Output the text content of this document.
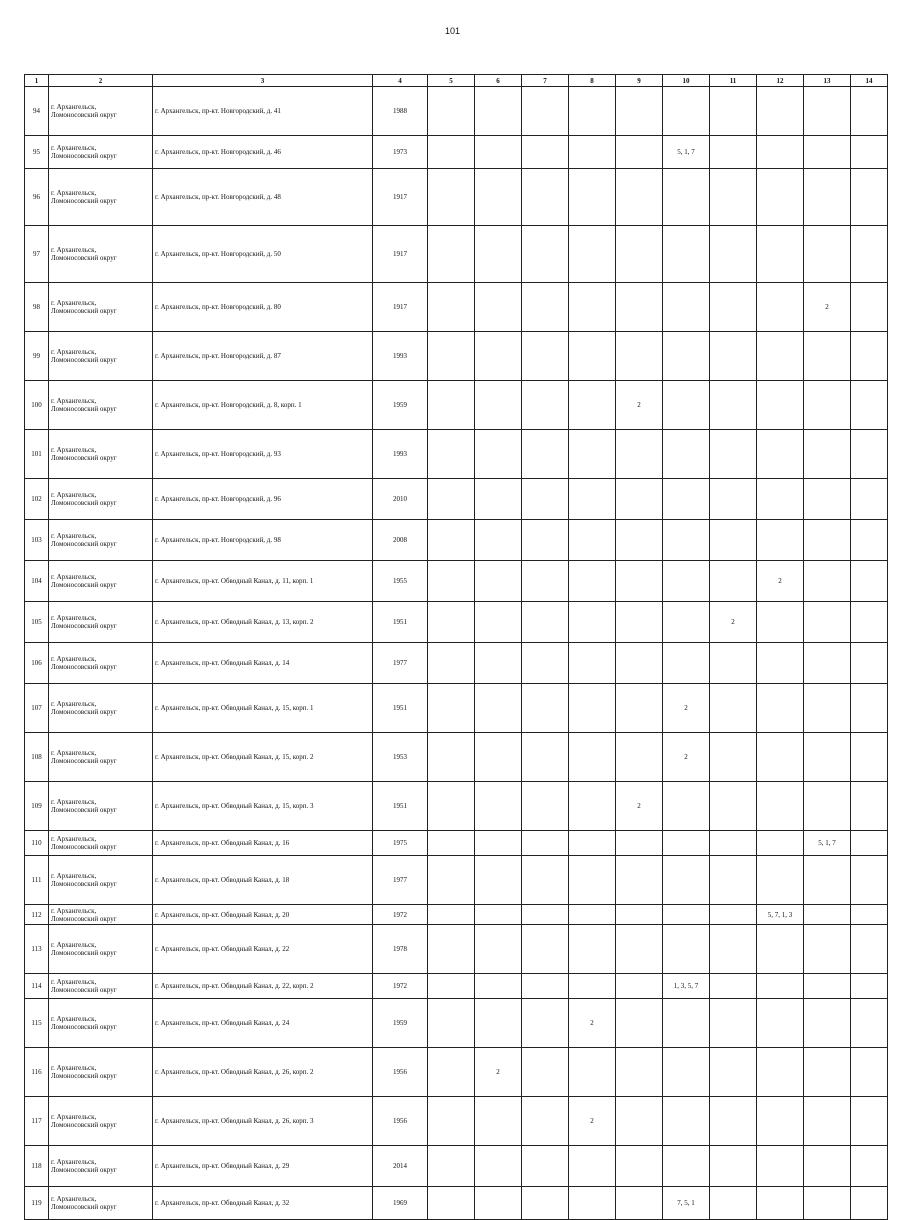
101
1	2	3	4	5	6	7	8	9	10	11	12	13	14	
94	г. Архангельск,
Ломоносовский округ	г. Архангельск, пр-кт. Новгородский, д. 41	1988											

95	г. Архангельск,
Ломоносовский округ	г. Архангельск, пр-кт. Новгородский, д. 46	1973						5, 1, 7					

96	г. Архангельск,
Ломоносовский округ	г. Архангельск, пр-кт. Новгородский, д. 48	1917											

97	г. Архангельск,
Ломоносовский округ	г. Архангельск, пр-кт. Новгородский, д. 50	1917											

98	г. Архангельск,
Ломоносовский округ	г. Архангельск, пр-кт. Новгородский, д. 80	1917									2		

99	г. Архангельск,
Ломоносовский округ	г. Архангельск, пр-кт. Новгородский, д. 87	1993											

100	г. Архангельск,
Ломоносовский округ	г. Архангельск, пр-кт. Новгородский, д. 8, корп. 1	1959					2						

101	г. Архангельск,
Ломоносовский округ	г. Архангельск, пр-кт. Новгородский, д. 93	1993											

102	г. Архангельск,
Ломоносовский округ	г. Архангельск, пр-кт. Новгородский, д. 96	2010											

103	г. Архангельск,
Ломоносовский округ	г. Архангельск, пр-кт. Новгородский, д. 98	2008											

104	г. Архангельск,
Ломоносовский округ	г. Архангельск, пр-кт. Обводный Канал, д. 11, корп. 1	1955								2			

105	г. Архангельск,
Ломоносовский округ	г. Архангельск, пр-кт. Обводный Канал, д. 13, корп. 2	1951							2				

106	г. Архангельск,
Ломоносовский округ	г. Архангельск, пр-кт. Обводный Канал, д. 14	1977											

107	г. Архангельск,
Ломоносовский округ	г. Архангельск, пр-кт. Обводный Канал, д. 15, корп. 1	1951						2					

108	г. Архангельск,
Ломоносовский округ	г. Архангельск, пр-кт. Обводный Канал, д. 15, корп. 2	1953						2					

109	г. Архангельск,
Ломоносовский округ	г. Архангельск, пр-кт. Обводный Канал, д. 15, корп. 3	1951					2						

110	г. Архангельск,
Ломоносовский округ	г. Архангельск, пр-кт. Обводный Канал, д. 16	1975									5, 1, 7		

111	г. Архангельск,
Ломоносовский округ	г. Архангельск, пр-кт. Обводный Канал, д. 18	1977											

112	г. Архангельск,
Ломоносовский округ	г. Архангельск, пр-кт. Обводный Канал, д. 20	1972								5, 7, 1, 3			

113	г. Архангельск,
Ломоносовский округ	г. Архангельск, пр-кт. Обводный Канал, д. 22	1978											

114	г. Архангельск,
Ломоносовский округ	г. Архангельск, пр-кт. Обводный Канал, д. 22, корп. 2	1972						1, 3, 5, 7					

115	г. Архангельск,
Ломоносовский округ	г. Архангельск, пр-кт. Обводный Канал, д. 24	1959				2							

116	г. Архангельск,
Ломоносовский округ	г. Архангельск, пр-кт. Обводный Канал, д. 26, корп. 2	1956		2									

117	г. Архангельск,
Ломоносовский округ	г. Архангельск, пр-кт. Обводный Канал, д. 26, корп. 3	1956				2							

118	г. Архангельск,
Ломоносовский округ	г. Архангельск, пр-кт. Обводный Канал, д. 29	2014											

119	г. Архангельск,
Ломоносовский округ	г. Архангельск, пр-кт. Обводный Канал, д. 32	1969						7, 5, 1					
